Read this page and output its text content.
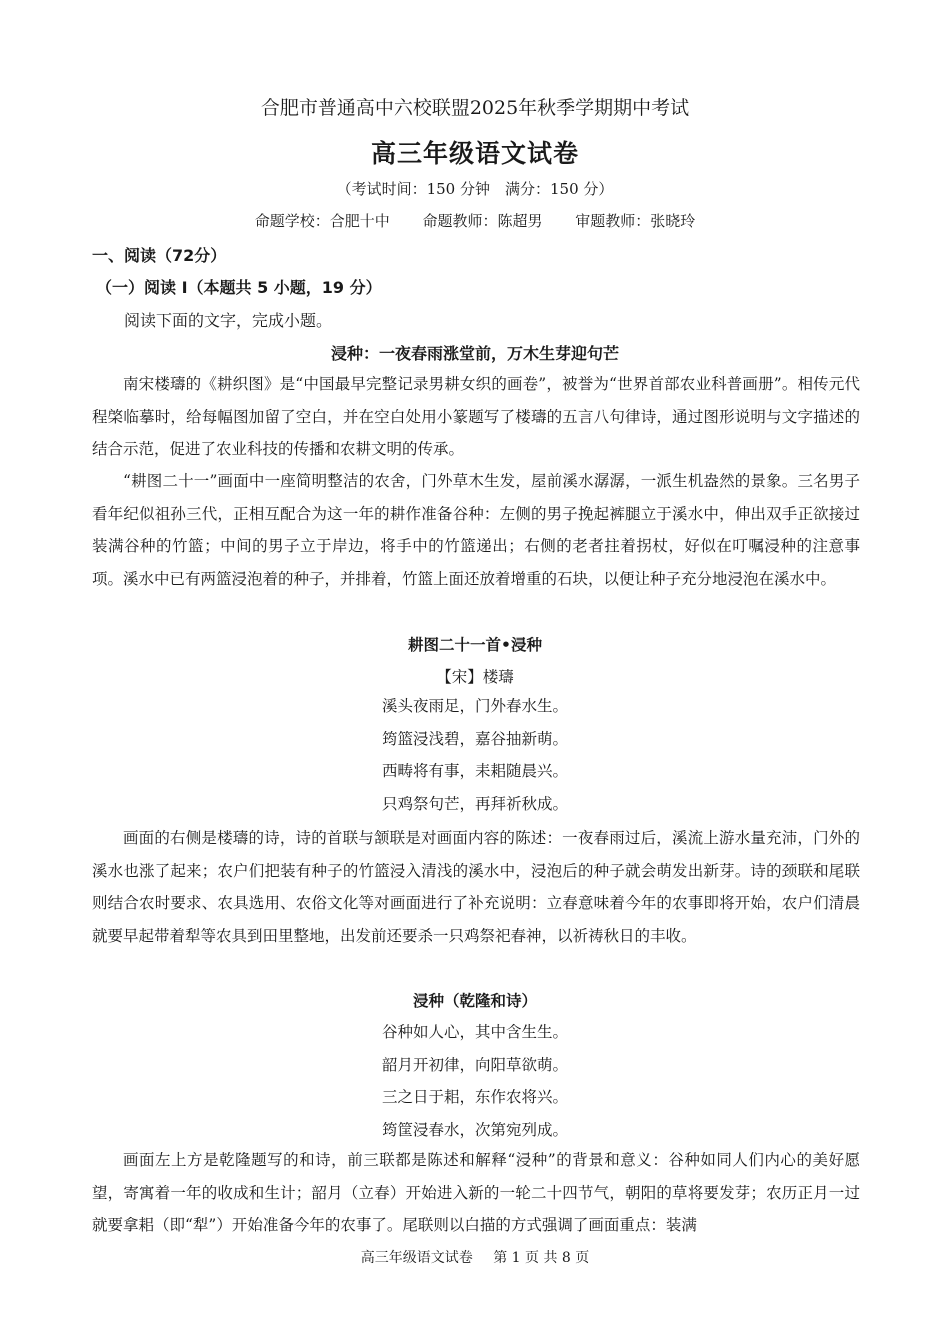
合肥市普通高中六校联盟2025年秋季学期期中考试
高三年级语文试卷
（考试时间：150 分钟　满分：150 分）
命题学校：合肥十中 命题教师：陈超男 审题教师：张晓玲
一、阅读（72分）
（一）阅读 I（本题共 5 小题，19 分）
阅读下面的文字，完成小题。
浸种：一夜春雨涨堂前，万木生芽迎句芒

南宋楼璹的《耕织图》是“中国最早完整记录男耕女织的画卷”，被誉为“世界首部农业科普画册”。相传元代程棨临摹时，给每幅图加留了空白，并在空白处用小篆题写了楼璹的五言八句律诗，通过图形说明与文字描述的结合示范，促进了农业科技的传播和农耕文明的传承。

“耕图二十一”画面中一座简明整洁的农舍，门外草木生发，屋前溪水潺潺，一派生机盎然的景象。三名男子看年纪似祖孙三代，正相互配合为这一年的耕作准备谷种：左侧的男子挽起裤腿立于溪水中，伸出双手正欲接过装满谷种的竹篮；中间的男子立于岸边，将手中的竹篮递出；右侧的老者拄着拐杖，好似在叮嘱浸种的注意事项。溪水中已有两篮浸泡着的种子，并排着，竹篮上面还放着增重的石块，以便让种子充分地浸泡在溪水中。

耕图二十一首•浸种
【宋】楼璹
溪头夜雨足，门外春水生。
筠篮浸浅碧，嘉谷抽新萌。
西畴将有事，耒耜随晨兴。
只鸡祭句芒，再拜祈秋成。

画面的右侧是楼璹的诗，诗的首联与颔联是对画面内容的陈述：一夜春雨过后，溪流上游水量充沛，门外的溪水也涨了起来；农户们把装有种子的竹篮浸入清浅的溪水中，浸泡后的种子就会萌发出新芽。诗的颈联和尾联则结合农时要求、农具选用、农俗文化等对画面进行了补充说明：立春意味着今年的农事即将开始，农户们清晨就要早起带着犁等农具到田里整地，出发前还要杀一只鸡祭祀春神，以祈祷秋日的丰收。

浸种（乾隆和诗）
谷种如人心，其中含生生。
韶月开初律，向阳草欲萌。
三之日于耜，东作农将兴。
筠筐浸春水，次第宛列成。

画面左上方是乾隆题写的和诗，前三联都是陈述和解释“浸种”的背景和意义：谷种如同人们内心的美好愿望，寄寓着一年的收成和生计；韶月（立春）开始进入新的一轮二十四节气，朝阳的草将要发芽；农历正月一过就要拿耜（即“犁”）开始准备今年的农事了。尾联则以白描的方式强调了画面重点：装满

高三年级语文试卷 第 1 页 共 8 页
